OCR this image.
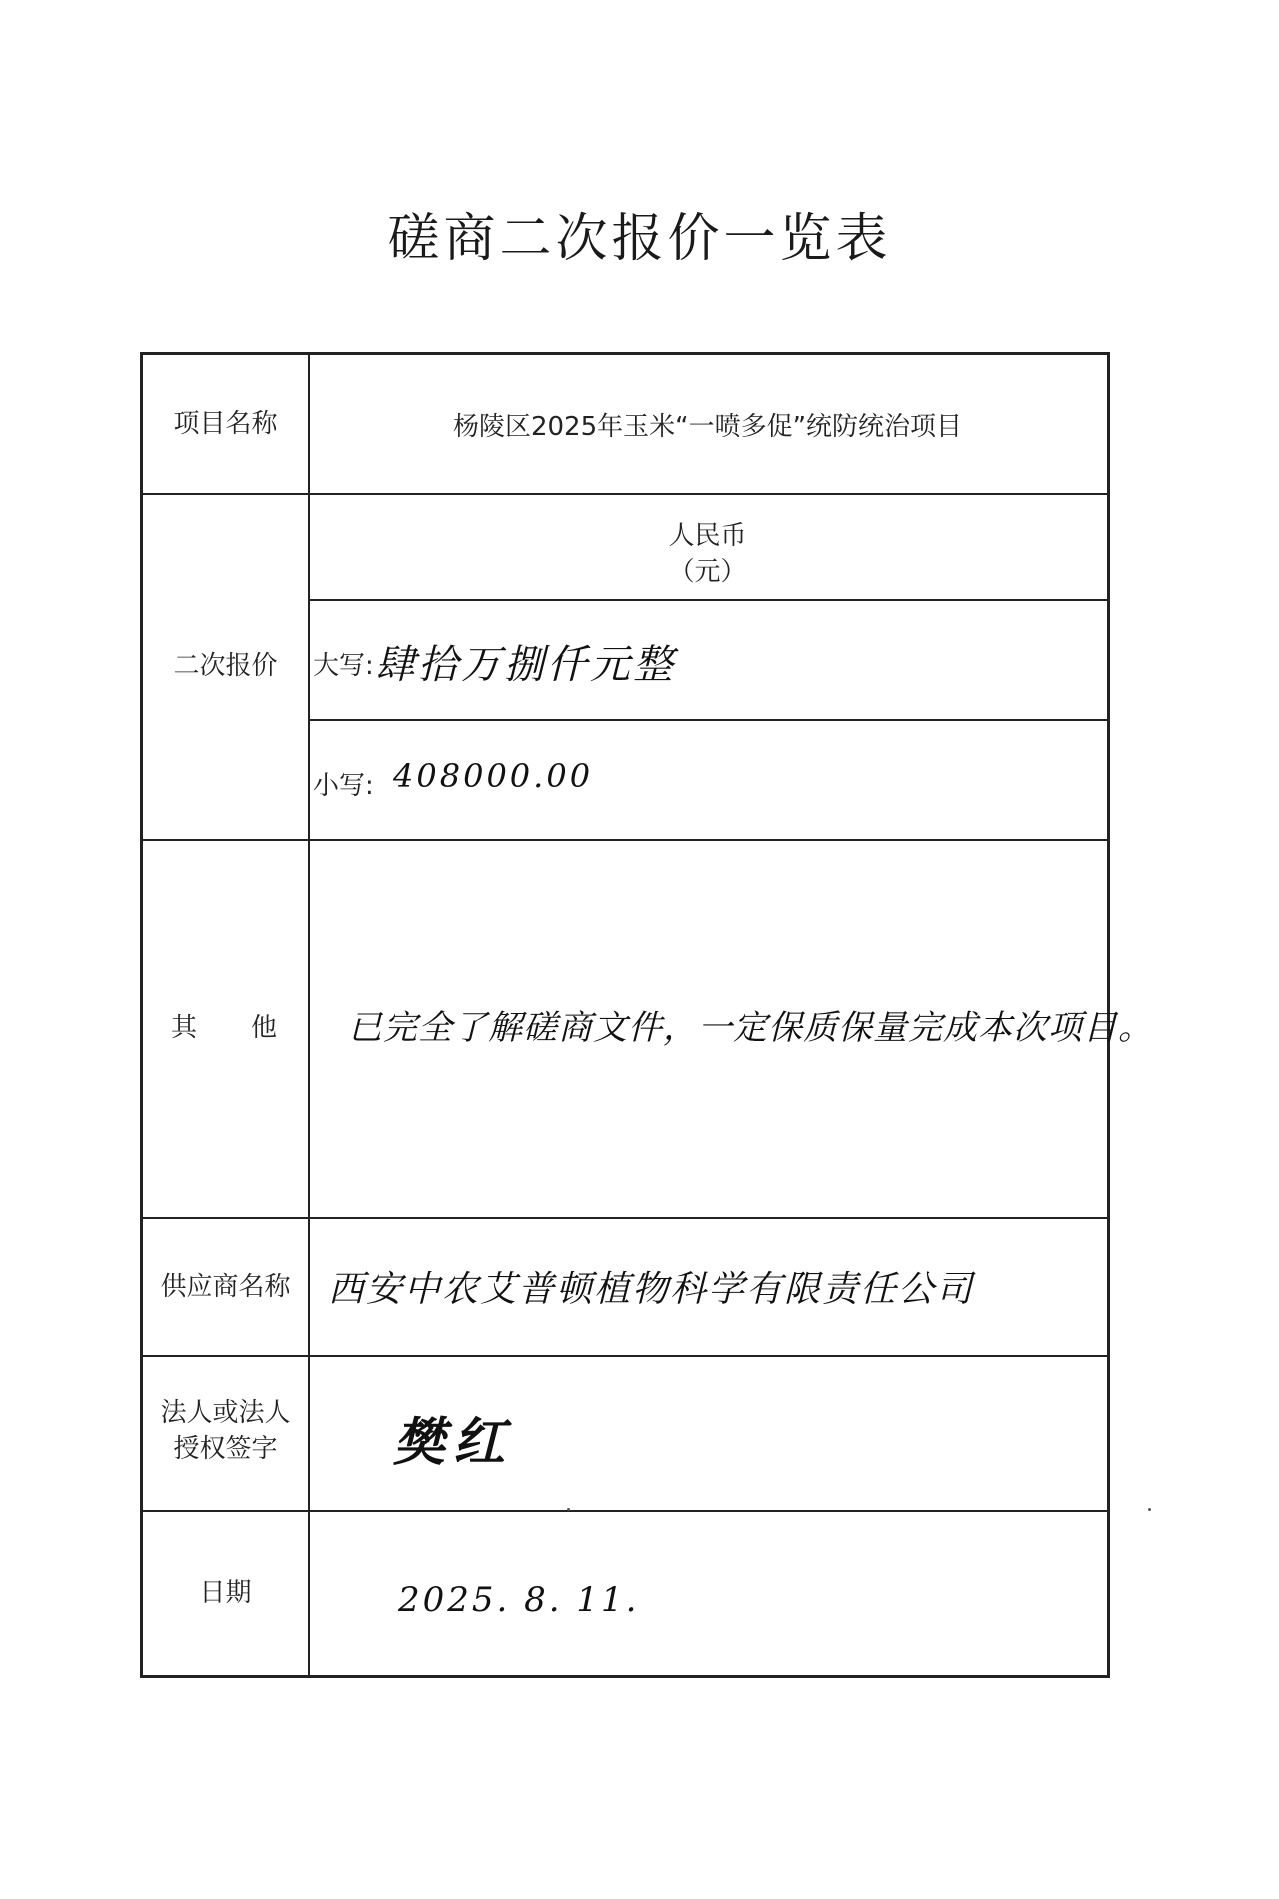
磋商二次报价一览表
项目名称	杨陵区2025年玉米“一喷多促”统防统治项目
二次报价
人民币
（元）
大写: 肆拾万捌仟元整
小写: 408000.00
其 他 已完全了解磋商文件，一定保质保量完成本次项目。
供应商名称	西安中农艾普顿植物科学有限责任公司
法人或法人
授权签字	樊红
日期	2025. 8. 11.
